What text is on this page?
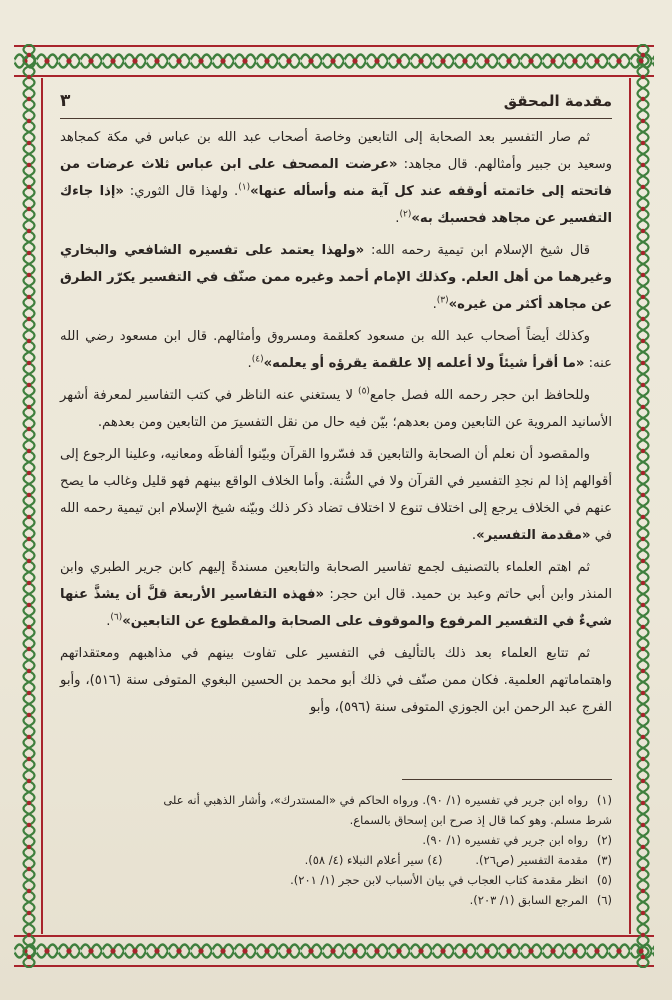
مقدمة المحقق
٣

ثم صار التفسير بعد الصحابة إلى التابعين وخاصة أصحاب عبد الله بن عباس في مكة كمجاهد وسعيد بن جبير وأمثالهم. قال مجاهد: «عرضت المصحف على ابن عباس ثلاث عرضات من فاتحته إلى خاتمته أوقفه عند كل آية منه وأسأله عنها»$^{(١)}$. ولهذا قال الثوري: «إذا جاءك التفسير عن مجاهد فحسبك به»$^{(٢)}$.

قال شيخ الإسلام ابن تيمية رحمه الله: «ولهذا يعتمد على تفسيره الشافعي والبخاري وغيرهما من أهل العلم. وكذلك الإمام أحمد وغيره ممن صنّف في التفسير يكرّر الطرق عن مجاهد أكثر من غيره»$^{(٣)}$.

وكذلك أيضاً أصحاب عبد الله بن مسعود كعلقمة ومسروق وأمثالهم. قال ابن مسعود رضي الله عنه: «ما أقرأ شيئاً ولا أعلمه إلا علقمة يقرؤه أو يعلمه»$^{(٤)}$.

وللحافظ ابن حجر رحمه الله فصل جامع$^{(٥)}$ لا يستغني عنه الناظر في كتب التفاسير لمعرفة أشهر الأسانيد المروية عن التابعين ومن بعدهم؛ بيّن فيه حال من نقل التفسيرَ من التابعين ومن بعدهم.

والمقصود أن نعلم أن الصحابة والتابعين قد فسّروا القرآن وبيّنوا ألفاظَه ومعانيه، وعلينا الرجوع إلى أقوالهم إذا لم نجدِ التفسير في القرآن ولا في السُّنة. وأما الخلاف الواقع بينهم فهو قليل وغالب ما يصح عنهم في الخلاف يرجع إلى اختلاف تنوع لا اختلاف تضاد ذكر ذلك وبيّنه شيخ الإسلام ابن تيمية رحمه الله في «مقدمة التفسير».

ثم اهتم العلماء بالتصنيف لجمع تفاسير الصحابة والتابعين مسندةً إليهم كابن جرير الطبري وابن المنذر وابن أبي حاتم وعبد بن حميد. قال ابن حجر: «فهذه التفاسير الأربعة قلَّ أن يشذَّ عنها شيءٌ في التفسير المرفوع والموقوف على الصحابة والمقطوع عن التابعين»$^{(٦)}$.

ثم تتابع العلماء بعد ذلك بالتأليف في التفسير على تفاوت بينهم في مذاهبهم ومعتقداتهم واهتماماتهم العلمية. فكان ممن صنّف في ذلك أبو محمد بن الحسين البغوي المتوفى سنة (٥١٦)، وأبو الفرج عبد الرحمن ابن الجوزي المتوفى سنة (٥٩٦)، وأبو

(١)رواه ابن جرير في تفسيره (١/ ٩٠). ورواه الحاكم في «المستدرك»، وأشار الذهبي أنه على
شرط مسلم. وهو كما قال إذ صرح ابن إسحاق بالسماع.
(٢)رواه ابن جرير في تفسيره (١/ ٩٠).
(٣)مقدمة التفسير (ص٢٦).         (٤) سير أعلام النبلاء (٤/ ٥٨).
(٥)انظر مقدمة كتاب العجاب في بيان الأسباب لابن حجر (١/ ٢٠١).
(٦)المرجع السابق (١/ ٢٠٣).
